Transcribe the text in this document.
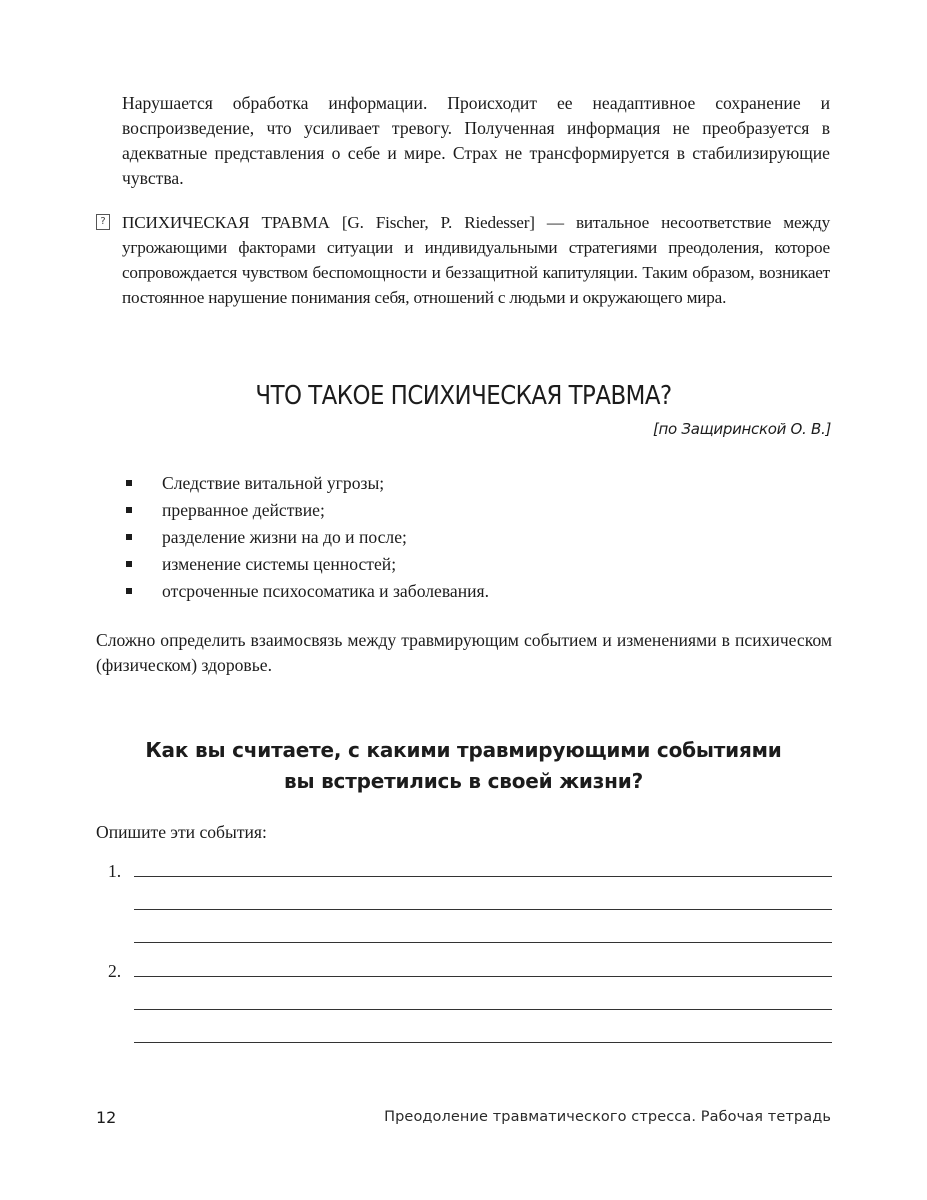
Нарушается обработка информации. Происходит ее неадаптивное сохранение и воспроизведение, что усиливает тревогу. Полученная информация не преобразуется в адекватные представления о себе и мире. Страх не трансформируется в стабилизирующие чувства.

? ПСИХИЧЕСКАЯ ТРАВМА [G. Fischer, P. Riedesser] — витальное несоответствие между угрожающими факторами ситуации и индивидуальными стратегиями преодоления, которое сопровождается чувством беспомощности и беззащитной капитуляции. Таким образом, возникает постоянное нарушение понимания себя, отношений с людьми и окружающего мира.

ЧТО ТАКОЕ ПСИХИЧЕСКАЯ ТРАВМА?

[по Защиринской О. В.]

Следствие витальной угрозы;
прерванное действие;
разделение жизни на до и после;
изменение системы ценностей;
отсроченные психосоматика и заболевания.

Сложно определить взаимосвязь между травмирующим событием и изменениями в психическом (физическом) здоровье.

Как вы считаете, с какими травмирующими событиями
вы встретились в своей жизни?

Опишите эти события:

1.
2.
12	Преодоление травматического стресса. Рабочая тетрадь
